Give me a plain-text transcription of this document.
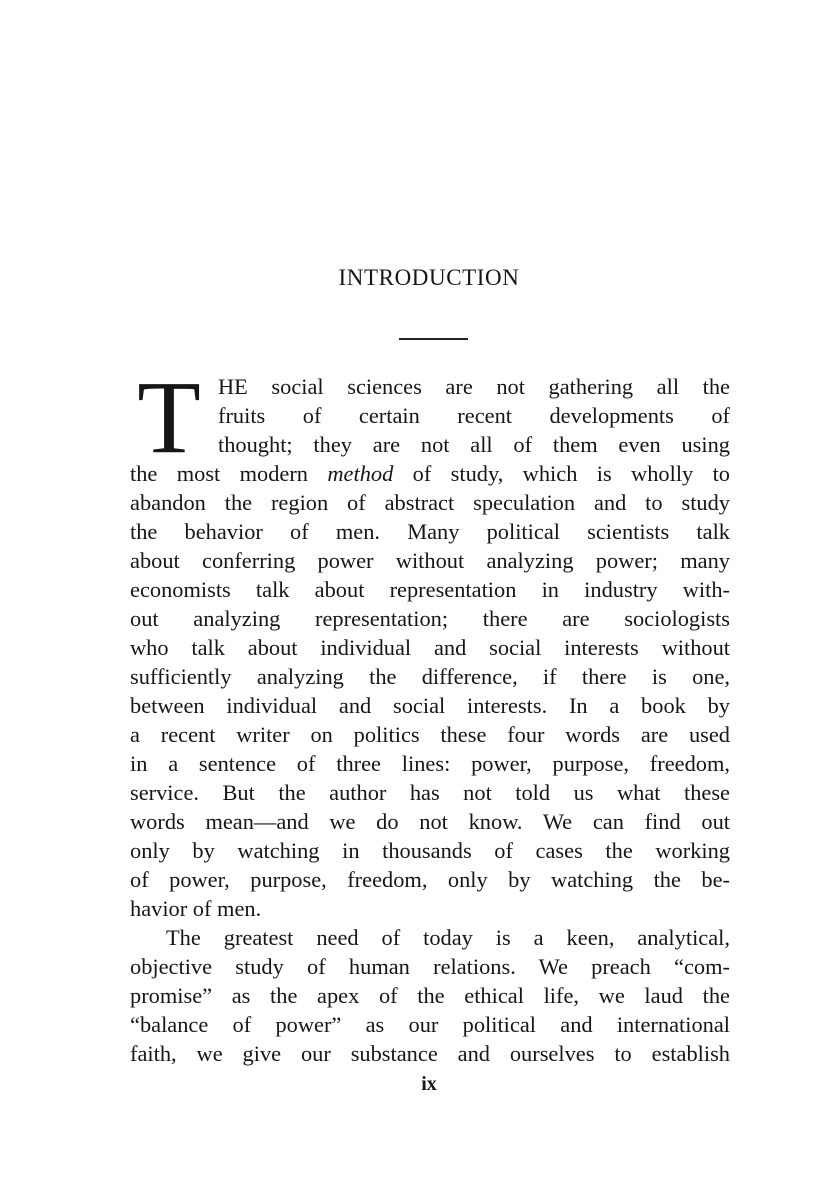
INTRODUCTION
T HE social sciences are not gathering all the
fruits of certain recent developments of
thought; they are not all of them even using
the most modern method of study, which is wholly to
abandon the region of abstract speculation and to study
the behavior of men. Many political scientists talk
about conferring power without analyzing power; many
economists talk about representation in industry with-
out analyzing representation; there are sociologists
who talk about individual and social interests without
sufficiently analyzing the difference, if there is one,
between individual and social interests. In a book by
a recent writer on politics these four words are used
in a sentence of three lines: power, purpose, freedom,
service. But the author has not told us what these
words mean—and we do not know. We can find out
only by watching in thousands of cases the working
of power, purpose, freedom, only by watching the be-
havior of men.
The greatest need of today is a keen, analytical,
objective study of human relations. We preach “com-
promise” as the apex of the ethical life, we laud the
“balance of power” as our political and international
faith, we give our substance and ourselves to establish
ix
